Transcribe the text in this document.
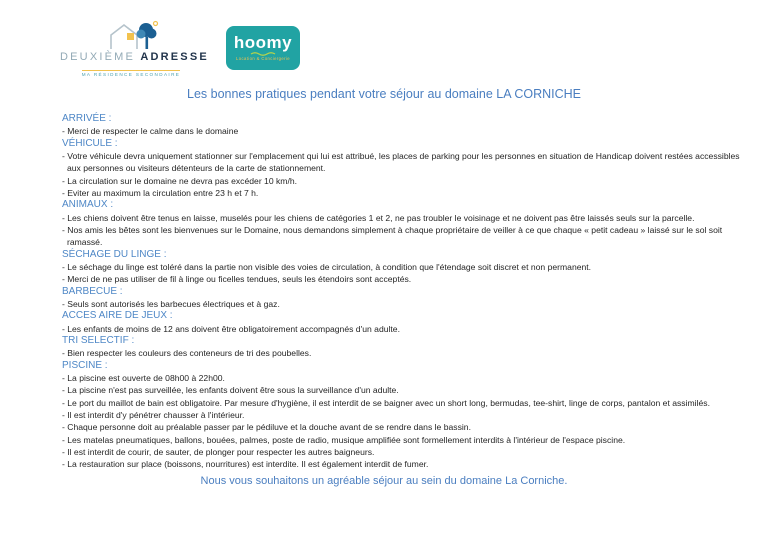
DEUXIÈME ADRESSE
MA RÉSIDENCE SECONDAIRE
hoomy
Location & Conciergerie
Les bonnes pratiques pendant votre séjour au domaine LA CORNICHE
ARRIVÉE :
- Merci de respecter le calme dans le domaine
VÉHICULE :
- Votre véhicule devra uniquement stationner sur l'emplacement qui lui est attribué, les places de parking pour les personnes en situation de Handicap doivent restées accessibles aux personnes ou visiteurs détenteurs de la carte de stationnement.
- La circulation sur le domaine ne devra pas excéder 10 km/h.
- Eviter au maximum la circulation entre 23 h et 7 h.
ANIMAUX :
- Les chiens doivent être tenus en laisse, muselés pour les chiens de catégories 1 et 2, ne pas troubler le voisinage et ne doivent pas être laissés seuls sur la parcelle.
- Nos amis les bêtes sont les bienvenues sur le Domaine, nous demandons simplement à chaque propriétaire de veiller à ce que chaque « petit cadeau » laissé sur le sol soit ramassé.
SÉCHAGE DU LINGE :
- Le séchage du linge est toléré dans la partie non visible des voies de circulation, à condition que l'étendage soit discret et non permanent.
- Merci de ne pas utiliser de fil à linge ou ficelles tendues, seuls les étendoirs sont acceptés.
BARBECUE :
- Seuls sont autorisés les barbecues électriques et à gaz.
ACCES AIRE DE JEUX :
- Les enfants de moins de 12 ans doivent être obligatoirement accompagnés d'un adulte.
TRI SELECTIF :
- Bien respecter les couleurs des conteneurs de tri des poubelles.
PISCINE :
- La piscine est ouverte de 08h00 à 22h00.
- La piscine n'est pas surveillée, les enfants doivent être sous la surveillance d'un adulte.
- Le port du maillot de bain est obligatoire. Par mesure d'hygiène, il est interdit de se baigner avec un short long, bermudas, tee-shirt, linge de corps, pantalon et assimilés.
- Il est interdit d'y pénétrer chausser à l'intérieur.
- Chaque personne doit au préalable passer par le pédiluve et la douche avant de se rendre dans le bassin.
- Les matelas pneumatiques, ballons, bouées, palmes, poste de radio, musique amplifiée sont formellement interdits à l'intérieur de l'espace piscine.
- Il est interdit de courir, de sauter, de plonger pour respecter les autres baigneurs.
- La restauration sur place (boissons, nourritures) est interdite. Il est également interdit de fumer.
Nous vous souhaitons un agréable séjour au sein du domaine La Corniche.
